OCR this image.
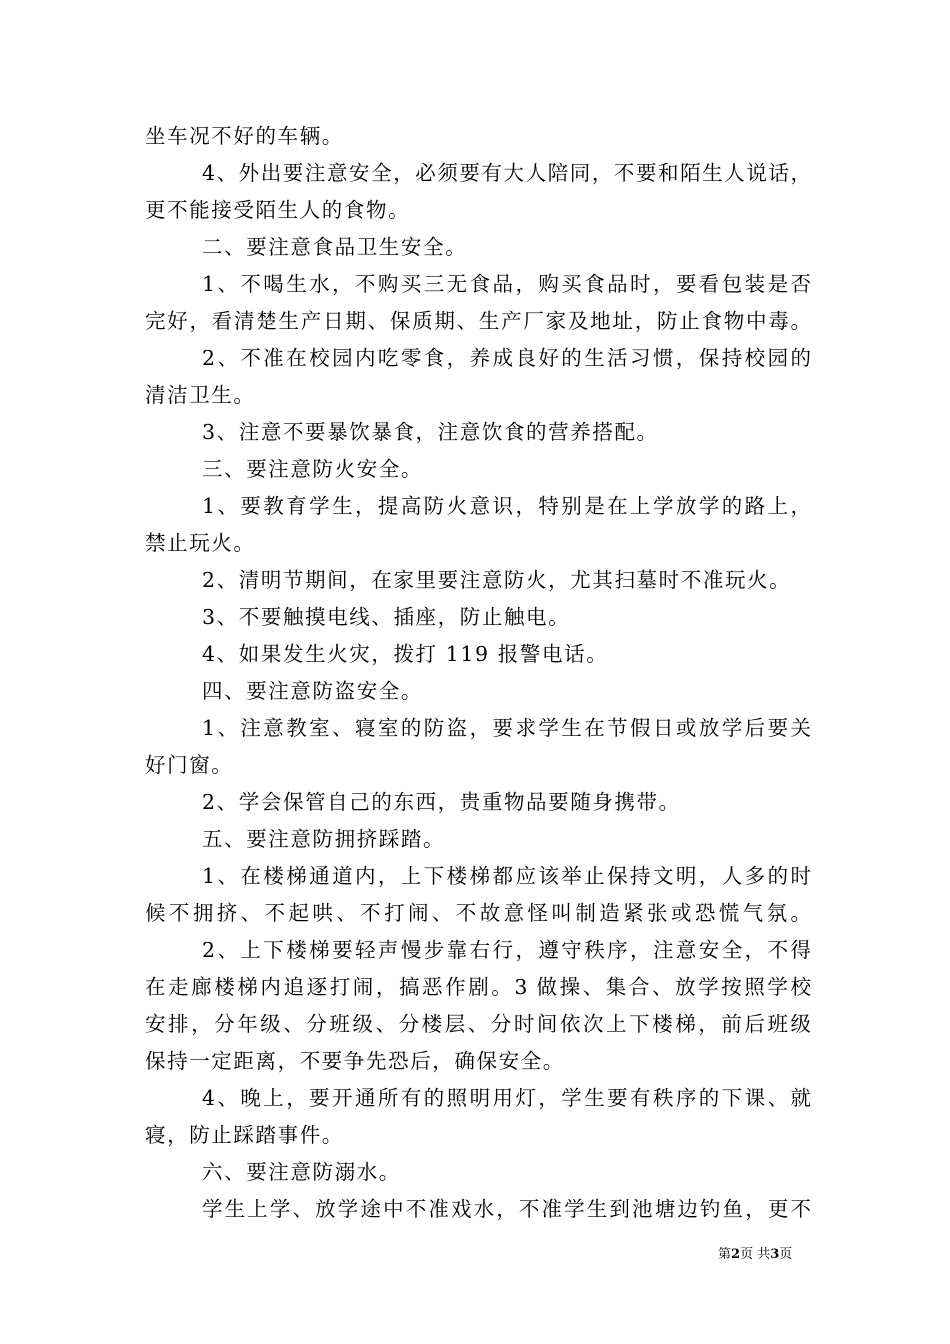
坐车况不好的车辆。
4、外出要注意安全，必须要有大人陪同，不要和陌生人说话，
更不能接受陌生人的食物。
二、要注意食品卫生安全。
1、不喝生水，不购买三无食品，购买食品时，要看包装是否
完好，看清楚生产日期、保质期、生产厂家及地址，防止食物中毒。
2、不准在校园内吃零食，养成良好的生活习惯，保持校园的
清洁卫生。
3、注意不要暴饮暴食，注意饮食的营养搭配。
三、要注意防火安全。
1、要教育学生，提高防火意识，特别是在上学放学的路上，
禁止玩火。
2、清明节期间，在家里要注意防火，尤其扫墓时不准玩火。
3、不要触摸电线、插座，防止触电。
4、如果发生火灾，拨打 119 报警电话。
四、要注意防盗安全。
1、注意教室、寝室的防盗，要求学生在节假日或放学后要关
好门窗。
2、学会保管自己的东西，贵重物品要随身携带。
五、要注意防拥挤踩踏。
1、在楼梯通道内，上下楼梯都应该举止保持文明，人多的时
候不拥挤、不起哄、不打闹、不故意怪叫制造紧张或恐慌气氛。
2、上下楼梯要轻声慢步靠右行，遵守秩序，注意安全，不得
在走廊楼梯内追逐打闹，搞恶作剧。3 做操、集合、放学按照学校
安排，分年级、分班级、分楼层、分时间依次上下楼梯，前后班级
保持一定距离，不要争先恐后，确保安全。
4、晚上，要开通所有的照明用灯，学生要有秩序的下课、就
寝，防止踩踏事件。
六、要注意防溺水。
学生上学、放学途中不准戏水，不准学生到池塘边钓鱼，更不
第2页 共3页
